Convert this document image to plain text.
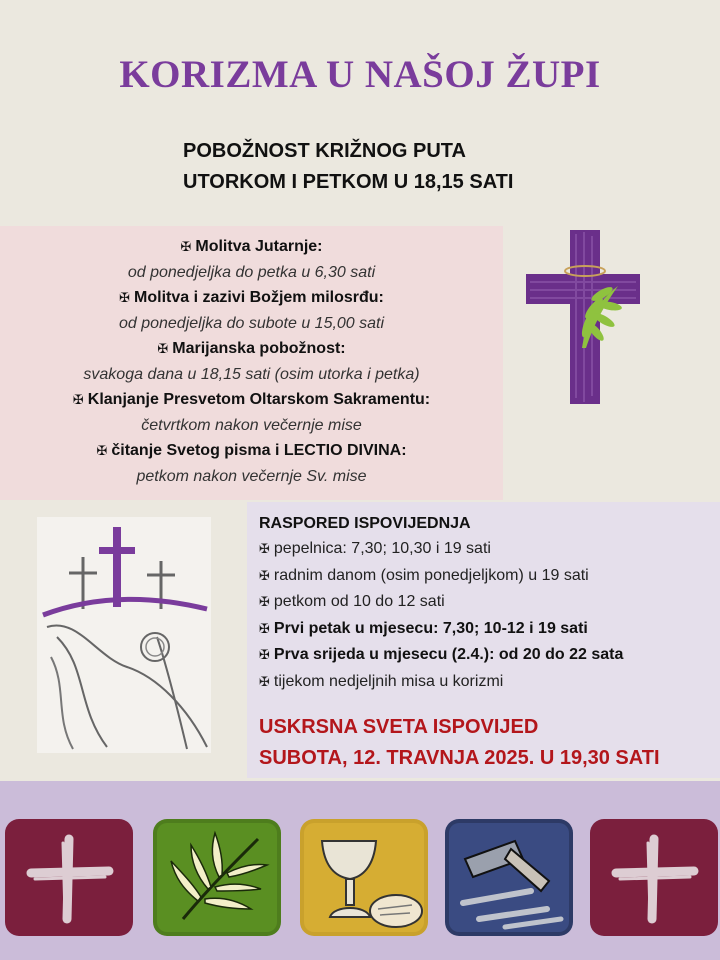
KORIZMA U NAŠOJ ŽUPI
POBOŽNOST KRIŽNOG PUTA
UTORKOM I PETKOM U 18,15 SATI
✠ Molitva Jutarnje:
od ponedjeljka do petka u 6,30 sati
✠ Molitva i zazivi Božjem milosrđu:
od ponedjeljka do subote u 15,00 sati
✠ Marijanska pobožnost:
svakoga dana u 18,15 sati (osim utorka i petka)
✠ Klanjanje Presvetom Oltarskom Sakramentu:
četvrtkom nakon večernje mise
✠ čitanje Svetog pisma i LECTIO DIVINA:
petkom nakon večernje Sv. mise
RASPORED ISPOVIJEDNJA
✠ pepelnica: 7,30; 10,30 i 19 sati
✠ radnim danom (osim ponedjeljkom) u 19 sati
✠ petkom od 10 do 12 sati
✠ Prvi petak u mjesecu: 7,30; 10-12 i 19 sati
✠ Prva srijeda u mjesecu (2.4.): od 20 do 22 sata
✠ tijekom nedjeljnih misa u korizmi
USKRSNA SVETA ISPOVIJED
SUBOTA, 12. TRAVNJA 2025. U 19,30 SATI
